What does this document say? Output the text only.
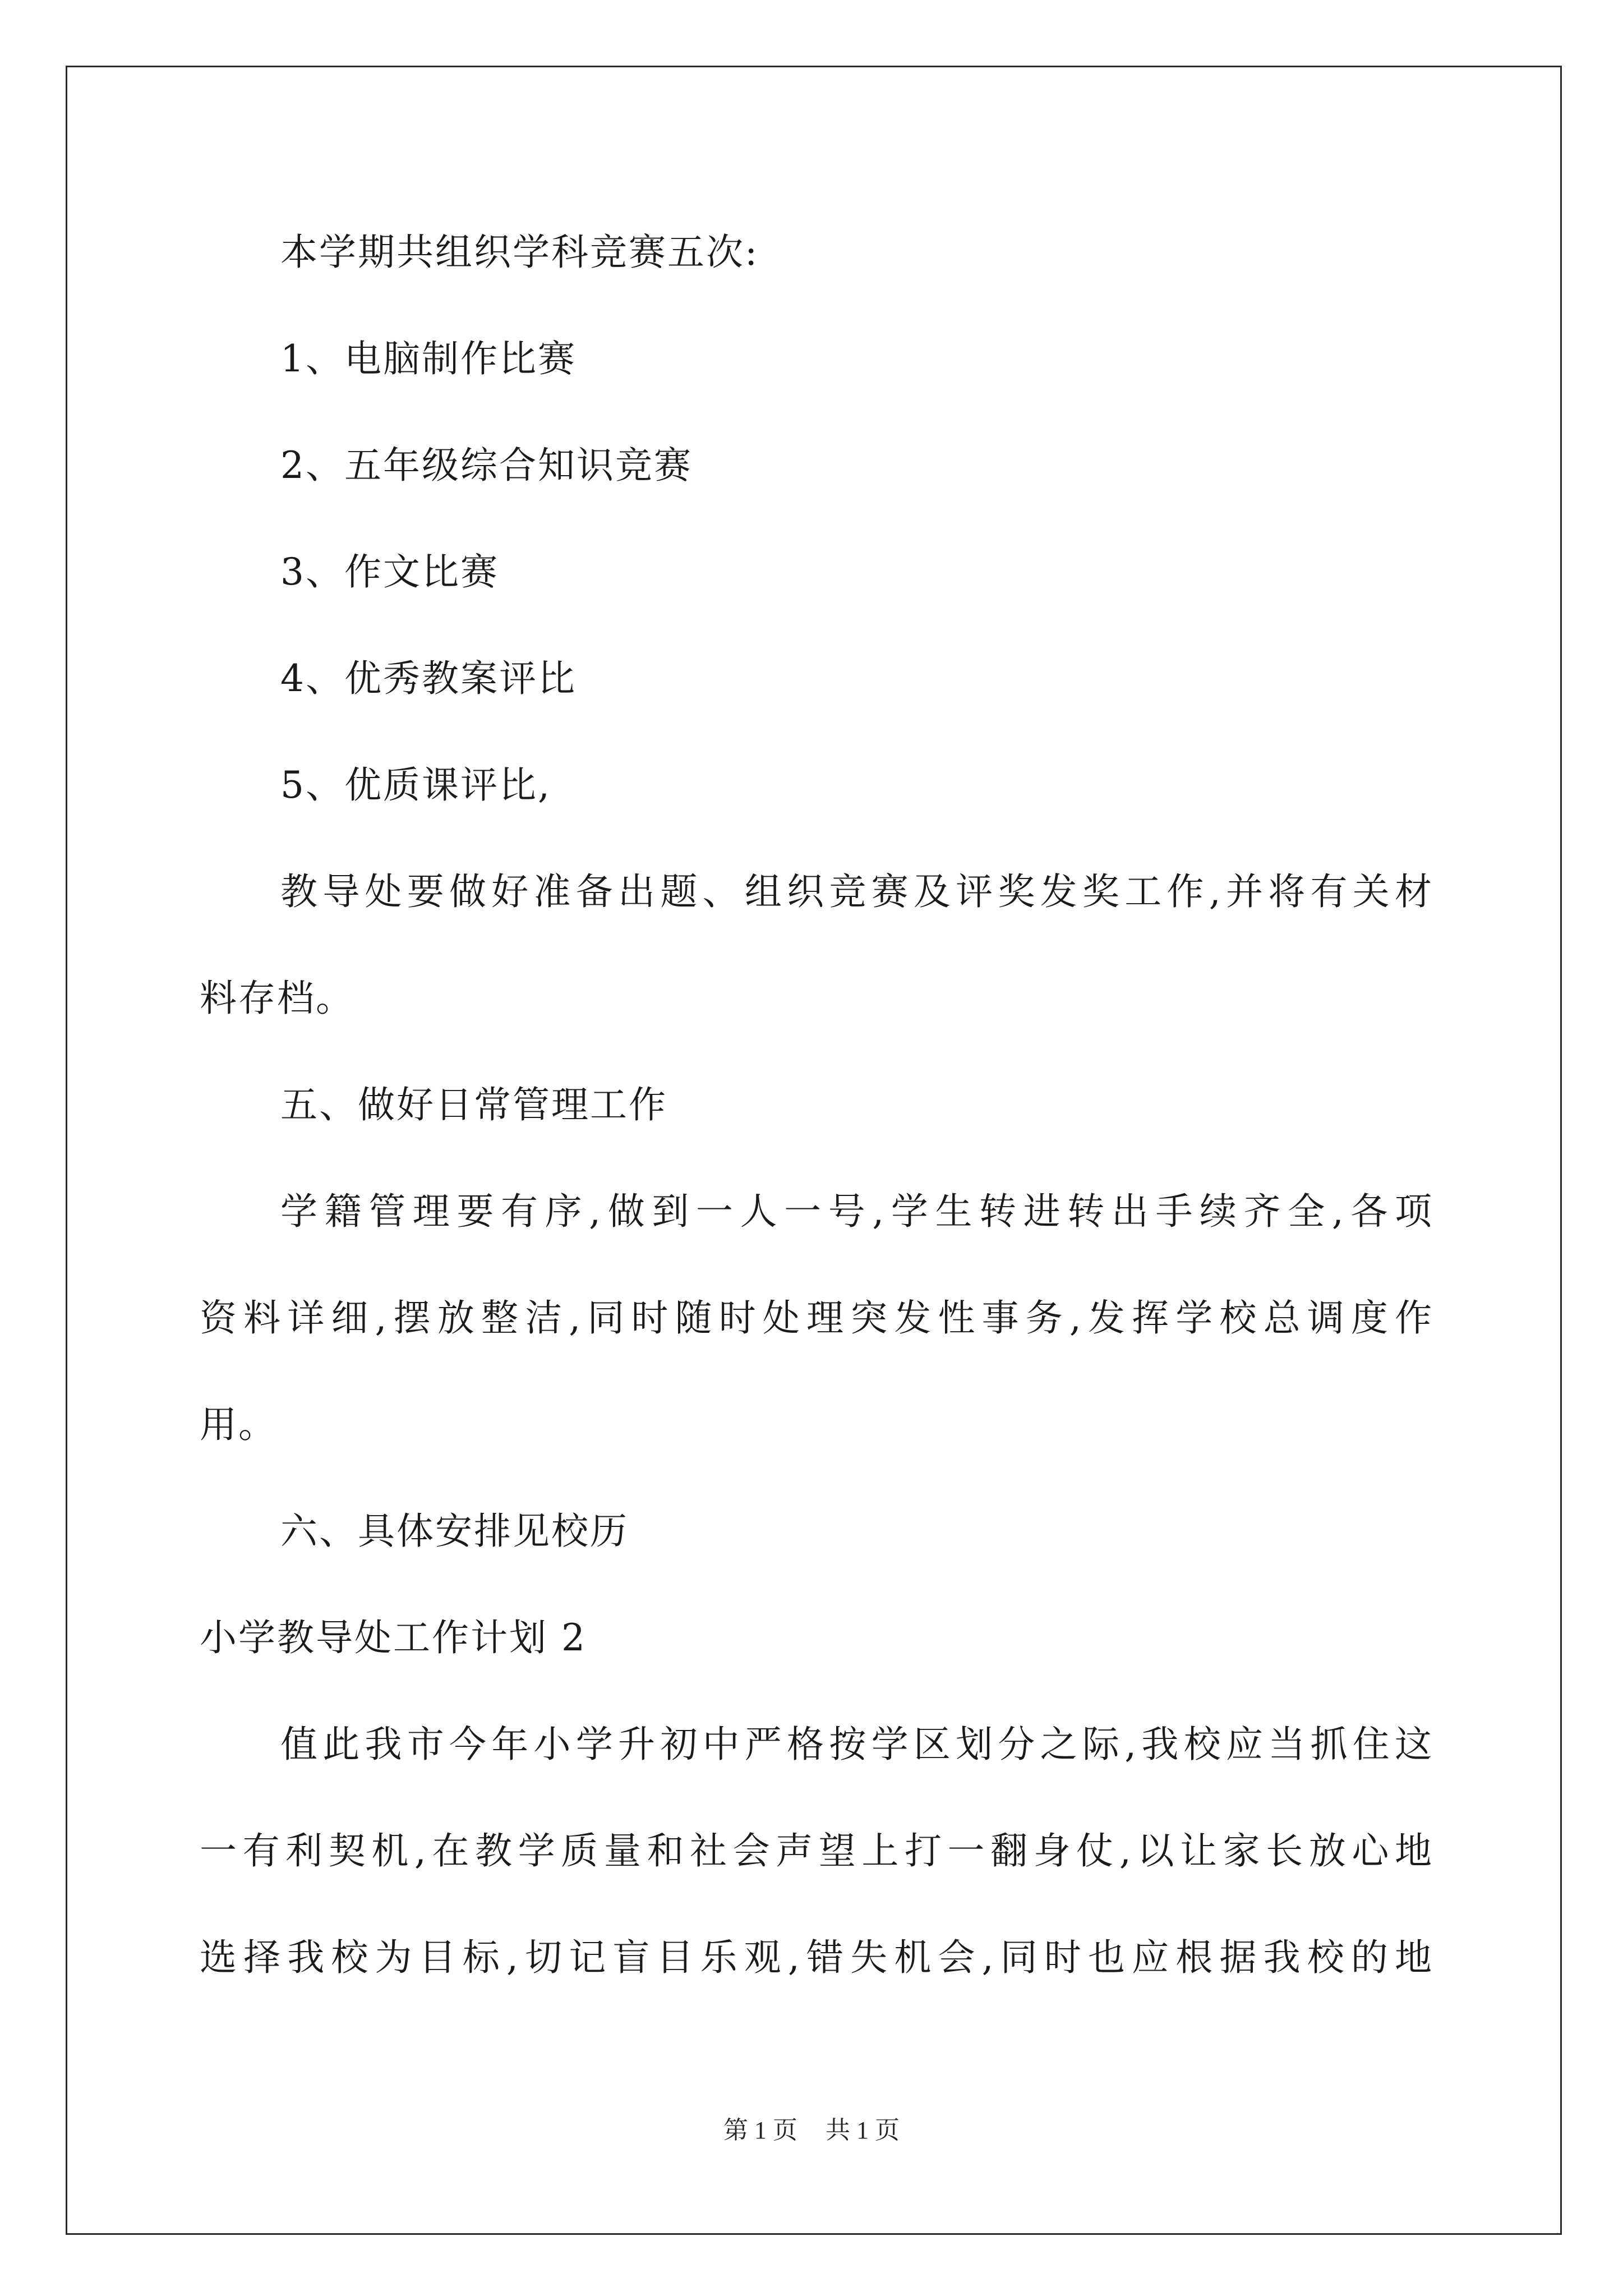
本学期共组织学科竞赛五次:
1、电脑制作比赛
2、五年级综合知识竞赛
3、作文比赛
4、优秀教案评比
5、优质课评比,
教导处要做好准备出题、组织竞赛及评奖发奖工作,并将有关材
料存档。
五、做好日常管理工作
学籍管理要有序,做到一人一号,学生转进转出手续齐全,各项
资料详细,摆放整洁,同时随时处理突发性事务,发挥学校总调度作
用。
六、具体安排见校历
小学教导处工作计划 2
值此我市今年小学升初中严格按学区划分之际,我校应当抓住这
一有利契机,在教学质量和社会声望上打一翻身仗,以让家长放心地
选择我校为目标,切记盲目乐观,错失机会,同时也应根据我校的地
第 1 页 共 1 页
